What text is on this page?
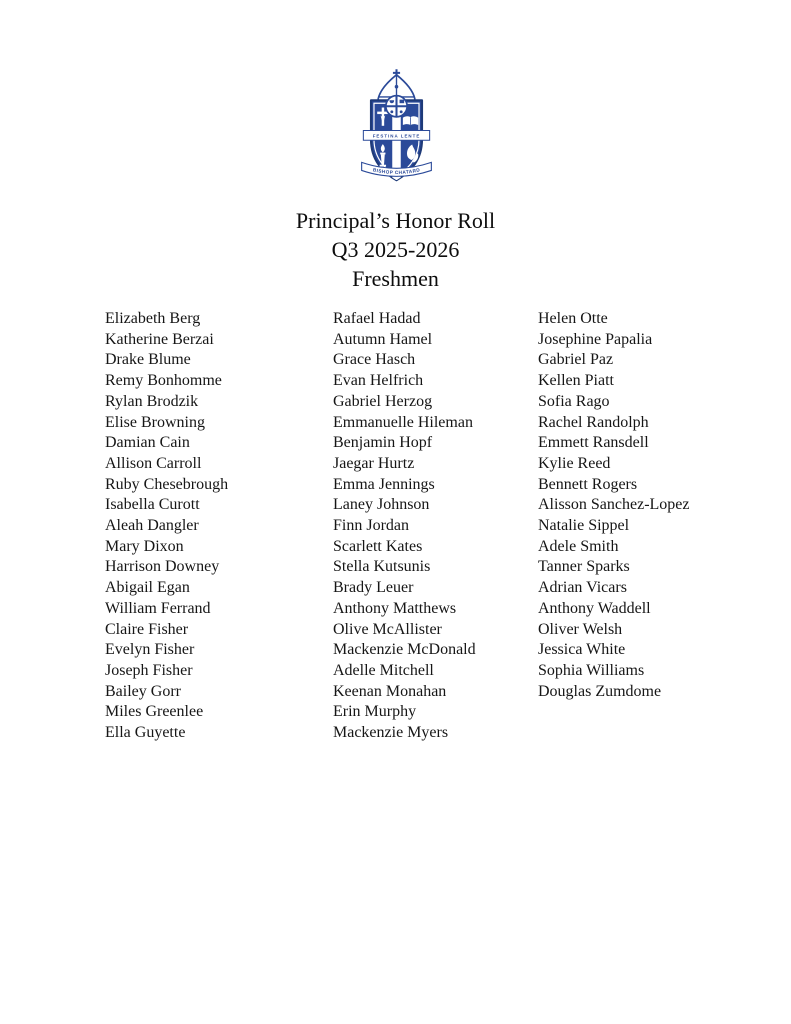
FESTINA LENTE
BISHOP CHATARD
Principal’s Honor Roll
Q3 2025-2026
Freshmen
Elizabeth Berg
Katherine Berzai
Drake Blume
Remy Bonhomme
Rylan Brodzik
Elise Browning
Damian Cain
Allison Carroll
Ruby Chesebrough
Isabella Curott
Aleah Dangler
Mary Dixon
Harrison Downey
Abigail Egan
William Ferrand
Claire Fisher
Evelyn Fisher
Joseph Fisher
Bailey Gorr
Miles Greenlee
Ella Guyette
Rafael Hadad
Autumn Hamel
Grace Hasch
Evan Helfrich
Gabriel Herzog
Emmanuelle Hileman
Benjamin Hopf
Jaegar Hurtz
Emma Jennings
Laney Johnson
Finn Jordan
Scarlett Kates
Stella Kutsunis
Brady Leuer
Anthony Matthews
Olive McAllister
Mackenzie McDonald
Adelle Mitchell
Keenan Monahan
Erin Murphy
Mackenzie Myers
Helen Otte
Josephine Papalia
Gabriel Paz
Kellen Piatt
Sofia Rago
Rachel Randolph
Emmett Ransdell
Kylie Reed
Bennett Rogers
Alisson Sanchez-Lopez
Natalie Sippel
Adele Smith
Tanner Sparks
Adrian Vicars
Anthony Waddell
Oliver Welsh
Jessica White
Sophia Williams
Douglas Zumdome
